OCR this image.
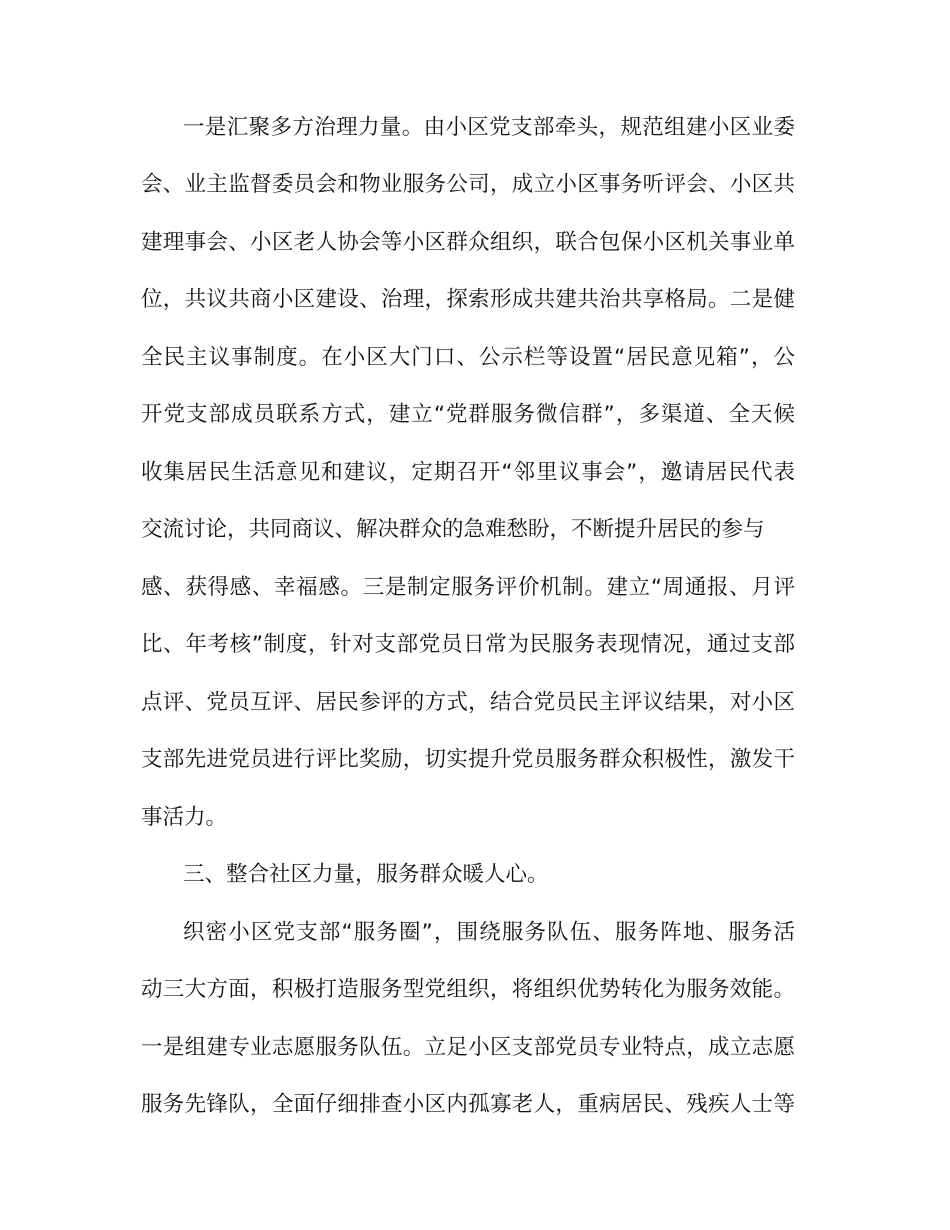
一是汇聚多方治理力量。由小区党支部牵头，规范组建小区业委

会、业主监督委员会和物业服务公司，成立小区事务听评会、小区共

建理事会、小区老人协会等小区群众组织，联合包保小区机关事业单

位，共议共商小区建设、治理，探索形成共建共治共享格局。二是健

全民主议事制度。在小区大门口、公示栏等设置“居民意见箱”，公

开党支部成员联系方式，建立“党群服务微信群”，多渠道、全天候

收集居民生活意见和建议，定期召开“邻里议事会”，邀请居民代表

交流讨论，共同商议、解决群众的急难愁盼，不断提升居民的参与

感、获得感、幸福感。三是制定服务评价机制。建立“周通报、月评

比、年考核”制度，针对支部党员日常为民服务表现情况，通过支部

点评、党员互评、居民参评的方式，结合党员民主评议结果，对小区

支部先进党员进行评比奖励，切实提升党员服务群众积极性，激发干

事活力。

三、整合社区力量，服务群众暖人心。

织密小区党支部“服务圈”，围绕服务队伍、服务阵地、服务活

动三大方面，积极打造服务型党组织，将组织优势转化为服务效能。

一是组建专业志愿服务队伍。立足小区支部党员专业特点，成立志愿

服务先锋队，全面仔细排查小区内孤寡老人，重病居民、残疾人士等
